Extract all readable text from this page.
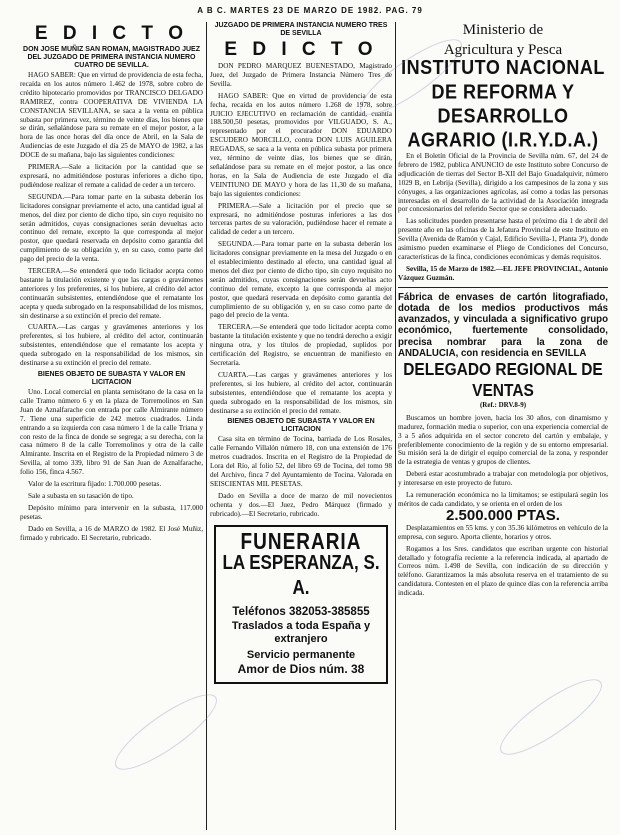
A B C. MARTES 23 DE MARZO DE 1982. PAG. 79
E D I C T O
DON JOSE MUÑIZ SAN ROMAN, MAGISTRADO JUEZ DEL JUZGADO DE PRIMERA INSTANCIA NUMERO CUATRO DE SEVILLA.

HAGO SABER: Que en virtud de providencia de esta fecha, recaída en los autos número 1.462 de 1978, sobre cobro de crédito hipotecario promovidos por TRANCISCO DELGADO RAMIREZ, contra COOPERATIVA DE VIVIENDA LA CONSTANCIA SEVILLANA, se saca a la venta en pública subasta por primera vez, término de veinte días, los bienes que se dirán, señalándose para su remate en el mejor postor, a la hora de las once horas del día once de Abril, en la Sala de Audiencias de este Juzgado el día 25 de MAYO de 1982, a las DOCE de su mañana, bajo las siguientes condiciones:

PRIMERA.—Sale a licitación por la cantidad que se expresará, no admitiéndose posturas inferiores a dicho tipo, pudiéndose realizar el remate a calidad de ceder a un tercero.

SEGUNDA.—Para tomar parte en la subasta deberán los licitadores consignar previamente el acto, una cantidad igual al menos, del diez por ciento de dicho tipo, sin cuyo requisito no serán admitidos, cuyas consignaciones serán devueltas acto continuo del remate, excepto la que corresponda al mejor postor, que quedará reservada en depósito como garantía del cumplimiento de su obligación y, en su caso, como parte del pago del precio de la venta.

TERCERA.—Se entenderá que todo licitador acepta como bastante la titulación existente y que las cargas o gravámenes anteriores y los preferentes, si los hubiere, al crédito del actor continuarán subsistentes, entendiéndose que el rematante los acepta y queda subrogado en la responsabilidad de los mismos, sin destinarse a su extinción el precio del remate.

CUARTA.—Las cargas y gravámenes anteriores y los preferentes, si los hubiere, al crédito del actor, continuarán subsistentes, entendiéndose que el rematante los acepta y queda subrogado en la responsabilidad de los mismos, sin destinarse a su extinción el precio del remate.

BIENES OBJETO DE SUBASTA Y VALOR EN LICITACION

Uno. Local comercial en planta semisótano de la casa en la calle Tramo número 6 y en la plaza de Torremolinos en San Juan de Aznalfarache con entrada por calle Almirante número 7. Tiene una superficie de 242 metros cuadrados. Linda entrando a su izquierda con casa número 1 de la calle Triana y con resto de la finca de donde se segrega; a su derecha, con la casa número 8 de la calle Torremolinos y otra de la calle Almirante. Inscrita en el Registro de la Propiedad número 3 de Sevilla, al tomo 339, libro 91 de San Juan de Aznalfarache, folio 156, finca 4.567.

Valor de la escritura fijado: 1.700.000 pesetas.

Sale a subasta en su tasación de tipo.

Depósito mínimo para intervenir en la subasta, 117.000 pesetas.

Dado en Sevilla, a 16 de MARZO de 1982. El José Muñiz, firmado y rubricado. El Secretario, rubricado.

JUZGADO DE PRIMERA INSTANCIA NUMERO TRES DE SEVILLA
E D I C T O

DON PEDRO MARQUEZ BUENESTADO, Magistrado Juez, del Juzgado de Primera Instancia Número Tres de Sevilla.

HAGO SABER: Que en virtud de providencia de esta fecha, recaída en los autos número 1.268 de 1978, sobre JUICIO EJECUTIVO en reclamación de cantidad, cuantía 188.500,50 pesetas, promovidos por VILGUADO, S. A., representado por el procurador DON EDUARDO ESCUDERO MORCILLO, contra DON LUIS AGUILERA REGADAS, se saca a la venta en pública subasta por primera vez, término de veinte días, los bienes que se dirán, señalándose para su remate en el mejor postor, a las once horas, en la Sala de Audiencia de este Juzgado el día VEINTIUNO DE MAYO y hora de las 11,30 de su mañana, bajo las siguientes condiciones:

PRIMERA.—Sale a licitación por el precio que se expresará, no admitiéndose posturas inferiores a las dos terceras partes de su valoración, pudiéndose hacer el remate a calidad de ceder a un tercero.

SEGUNDA.—Para tomar parte en la subasta deberán los licitadores consignar previamente en la mesa del Juzgado o en el establecimiento destinado al efecto, una cantidad igual al menos del diez por ciento de dicho tipo, sin cuyo requisito no serán admitidos, cuyas consignaciones serán devueltas acto continuo del remate, excepto la que corresponda al mejor postor, que quedará reservada en depósito como garantía del cumplimiento de su obligación y, en su caso como parte de pago del precio de la venta.

TERCERA.—Se entenderá que todo licitador acepta como bastante la titulación existente y que no tendrá derecho a exigir ninguna otra, y los títulos de propiedad, suplidos por certificación del Registro, se encuentran de manifiesto en Secretaría.

CUARTA.—Las cargas y gravámenes anteriores y los preferentes, si los hubiere, al crédito del actor, continuarán subsistentes, entendiéndose que el rematante los acepta y queda subrogado en la responsabilidad de los mismos, sin destinarse a su extinción el precio del remate.

BIENES OBJETO DE SUBASTA Y VALOR EN LICITACION

Casa sita en término de Tocina, barriada de Los Rosales, calle Fernando Villalón número 18, con una extensión de 176 metros cuadrados. Inscrita en el Registro de la Propiedad de Lora del Río, al folio 52, del libro 69 de Tocina, del tomo 98 del Archivo, finca 7 del Ayuntamiento de Tocina. Valorada en SEISCIENTAS MIL PESETAS.

Dado en Sevilla a doce de marzo de mil novecientos ochenta y dos.—El Juez, Pedro Márquez (firmado y rubricado).—El Secretario, rubricado.

FUNERARIA
LA ESPERANZA, S. A.
Teléfonos 382053-385855
Traslados a toda España y
extranjero
Servicio permanente
Amor de Dios núm. 38
Ministerio de
Agricultura y Pesca
INSTITUTO NACIONAL DE REFORMA Y DESARROLLO AGRARIO (I.R.Y.D.A.)

En el Boletín Oficial de la Provincia de Sevilla núm. 67, del 24 de febrero de 1982, publica ANUNCIO de este Instituto sobre Concurso de adjudicación de tierras del Sector B-XII del Bajo Guadalquivir, número 1029 B, en Lebrija (Sevilla), dirigido a los campesinos de la zona y sus cónyuges, a las organizaciones agrícolas, así como a todas las personas interesadas en el desarrollo de la actividad de la Asociación integrada por concesionarios del referido Sector que se considera adecuado.

Las solicitudes pueden presentarse hasta el próximo día 1 de abril del presente año en las oficinas de la Jefatura Provincial de este Instituto en Sevilla (Avenida de Ramón y Cajal, Edificio Sevilla-1, Planta 3ª), donde asimismo pueden examinarse el Pliego de Condiciones del Concurso, características de la finca, condiciones económicas y demás requisitos.

Sevilla, 15 de Marzo de 1982.—EL JEFE PROVINCIAL, Antonio Vázquez Guzmán.

Fábrica de envases de cartón litografiado, dotada de los medios productivos más avanzados, y vinculada a significativo grupo económico, fuertemente consolidado, precisa nombrar para la zona de ANDALUCIA, con residencia en SEVILLA
DELEGADO REGIONAL DE VENTAS
(Ref.: DRV.8-9)

Buscamos un hombre joven, hacia los 30 años, con dinamismo y madurez, formación media o superior, con una experiencia comercial de 3 a 5 años adquirida en el sector concreto del cartón y embalaje, y preferiblemente conocimiento de la región y de su entorno empresarial. Su misión será la de dirigir el equipo comercial de la zona, y responder de la estrategia de ventas y grupos de clientes.

Deberá estar acostumbrado a trabajar con metodología por objetivos, y interesarse en este proyecto de futuro.

La remuneración económica no la limitamos; se estipulará según los méritos de cada candidato, y se orienta en el orden de los

2.500.000 PTAS.

Desplazamientos en 55 kms. y con 35.36 kilómetros en vehículo de la empresa, con seguro. Aporta cliente, horarios y otros.

Rogamos a los Sres. candidatos que escriban urgente con historial detallado y fotografía reciente a la referencia indicada, al apartado de Correos núm. 1.498 de Sevilla, con indicación de su dirección y teléfono. Garantizamos la más absoluta reserva en el tratamiento de su candidatura. Contesten en el plazo de quince días con la referencia arriba indicada.
